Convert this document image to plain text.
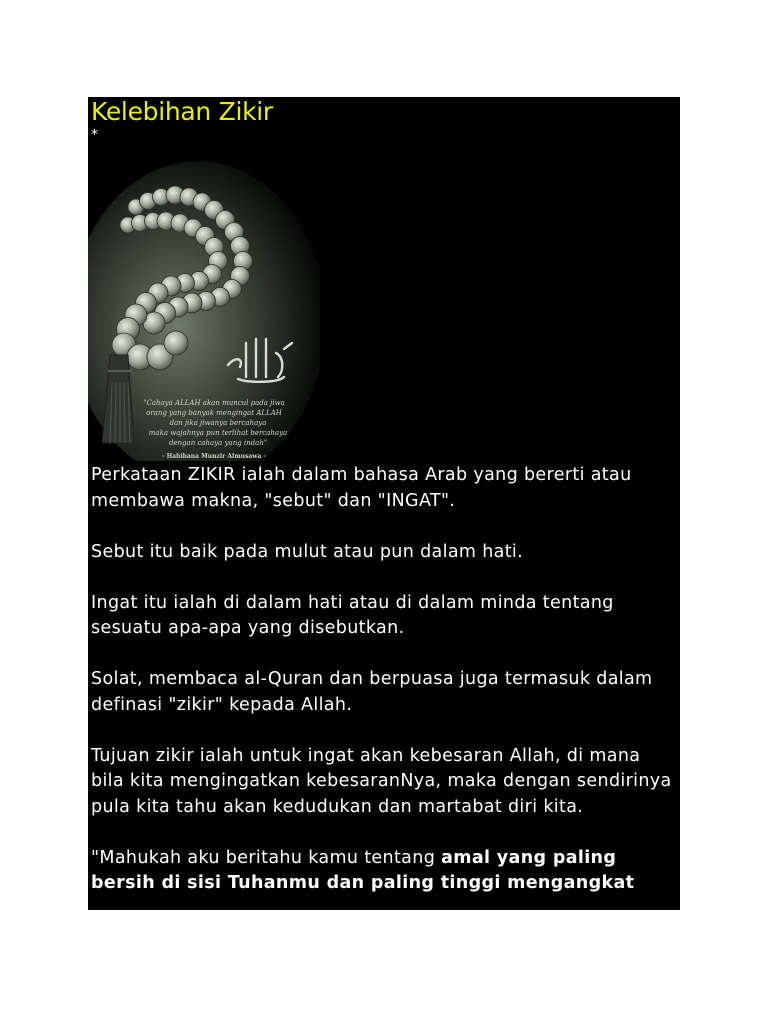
Kelebihan Zikir
*
"Cahaya ALLAH akan muncul pada jiwa
orang yang banyak mengingat ALLAH
dan jika jiwanya bercahaya
maka wajahnya pun terlihat bercahaya
dengan cahaya yang indah"
- Habibana Munzir Almusawa -

Perkataan ZIKIR ialah dalam bahasa Arab yang bererti atau membawa makna, "sebut" dan "INGAT".

Sebut itu baik pada mulut atau pun dalam hati.

Ingat itu ialah di dalam hati atau di dalam minda tentang sesuatu apa-apa yang disebutkan.

Solat, membaca al-Quran dan berpuasa juga termasuk dalam definasi "zikir" kepada Allah.

Tujuan zikir ialah untuk ingat akan kebesaran Allah, di mana bila kita mengingatkan kebesaranNya, maka dengan sendirinya pula kita tahu akan kedudukan dan martabat diri kita.

"Mahukah aku beritahu kamu tentang amal yang paling bersih di sisi Tuhanmu dan paling tinggi mengangkat
